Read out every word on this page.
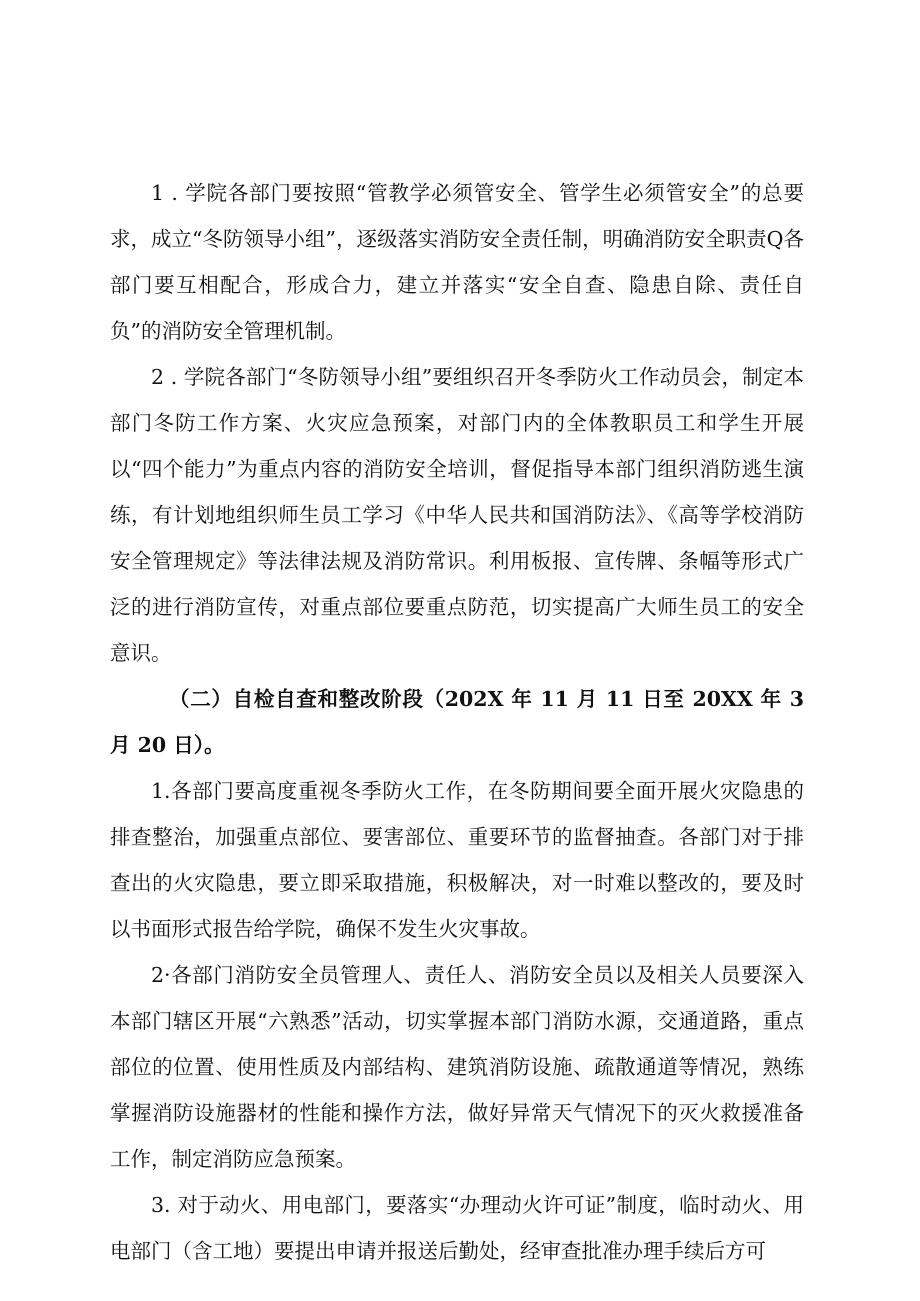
1 . 学院各部门要按照“管教学必须管安全、管学生必须管安全”的总要求，成立“冬防领导小组”，逐级落实消防安全责任制，明确消防安全职责Q各部门要互相配合，形成合力，建立并落实“安全自查、隐患自除、责任自负”的消防安全管理机制。

2 . 学院各部门“冬防领导小组”要组织召开冬季防火工作动员会，制定本部门冬防工作方案、火灾应急预案，对部门内的全体教职员工和学生开展以“四个能力”为重点内容的消防安全培训，督促指导本部门组织消防逃生演练，有计划地组织师生员工学习《中华人民共和国消防法》、《高等学校消防安全管理规定》等法律法规及消防常识。利用板报、宣传牌、条幅等形式广泛的进行消防宣传，对重点部位要重点防范，切实提高广大师生员工的安全意识。

（二）自检自查和整改阶段（202X 年 11 月 11 日至 20XX 年 3 月 20 日）。

1.各部门要高度重视冬季防火工作，在冬防期间要全面开展火灾隐患的排查整治，加强重点部位、要害部位、重要环节的监督抽查。各部门对于排查出的火灾隐患，要立即采取措施，积极解决，对一时难以整改的，要及时以书面形式报告给学院，确保不发生火灾事故。

2·各部门消防安全员管理人、责任人、消防安全员以及相关人员要深入本部门辖区开展“六熟悉”活动，切实掌握本部门消防水源，交通道路，重点部位的位置、使用性质及内部结构、建筑消防设施、疏散通道等情况，熟练掌握消防设施器材的性能和操作方法，做好异常天气情况下的灭火救援准备工作，制定消防应急预案。

3. 对于动火、用电部门，要落实“办理动火许可证”制度，临时动火、用电部门（含工地）要提出申请并报送后勤处，经审查批准办理手续后方可
